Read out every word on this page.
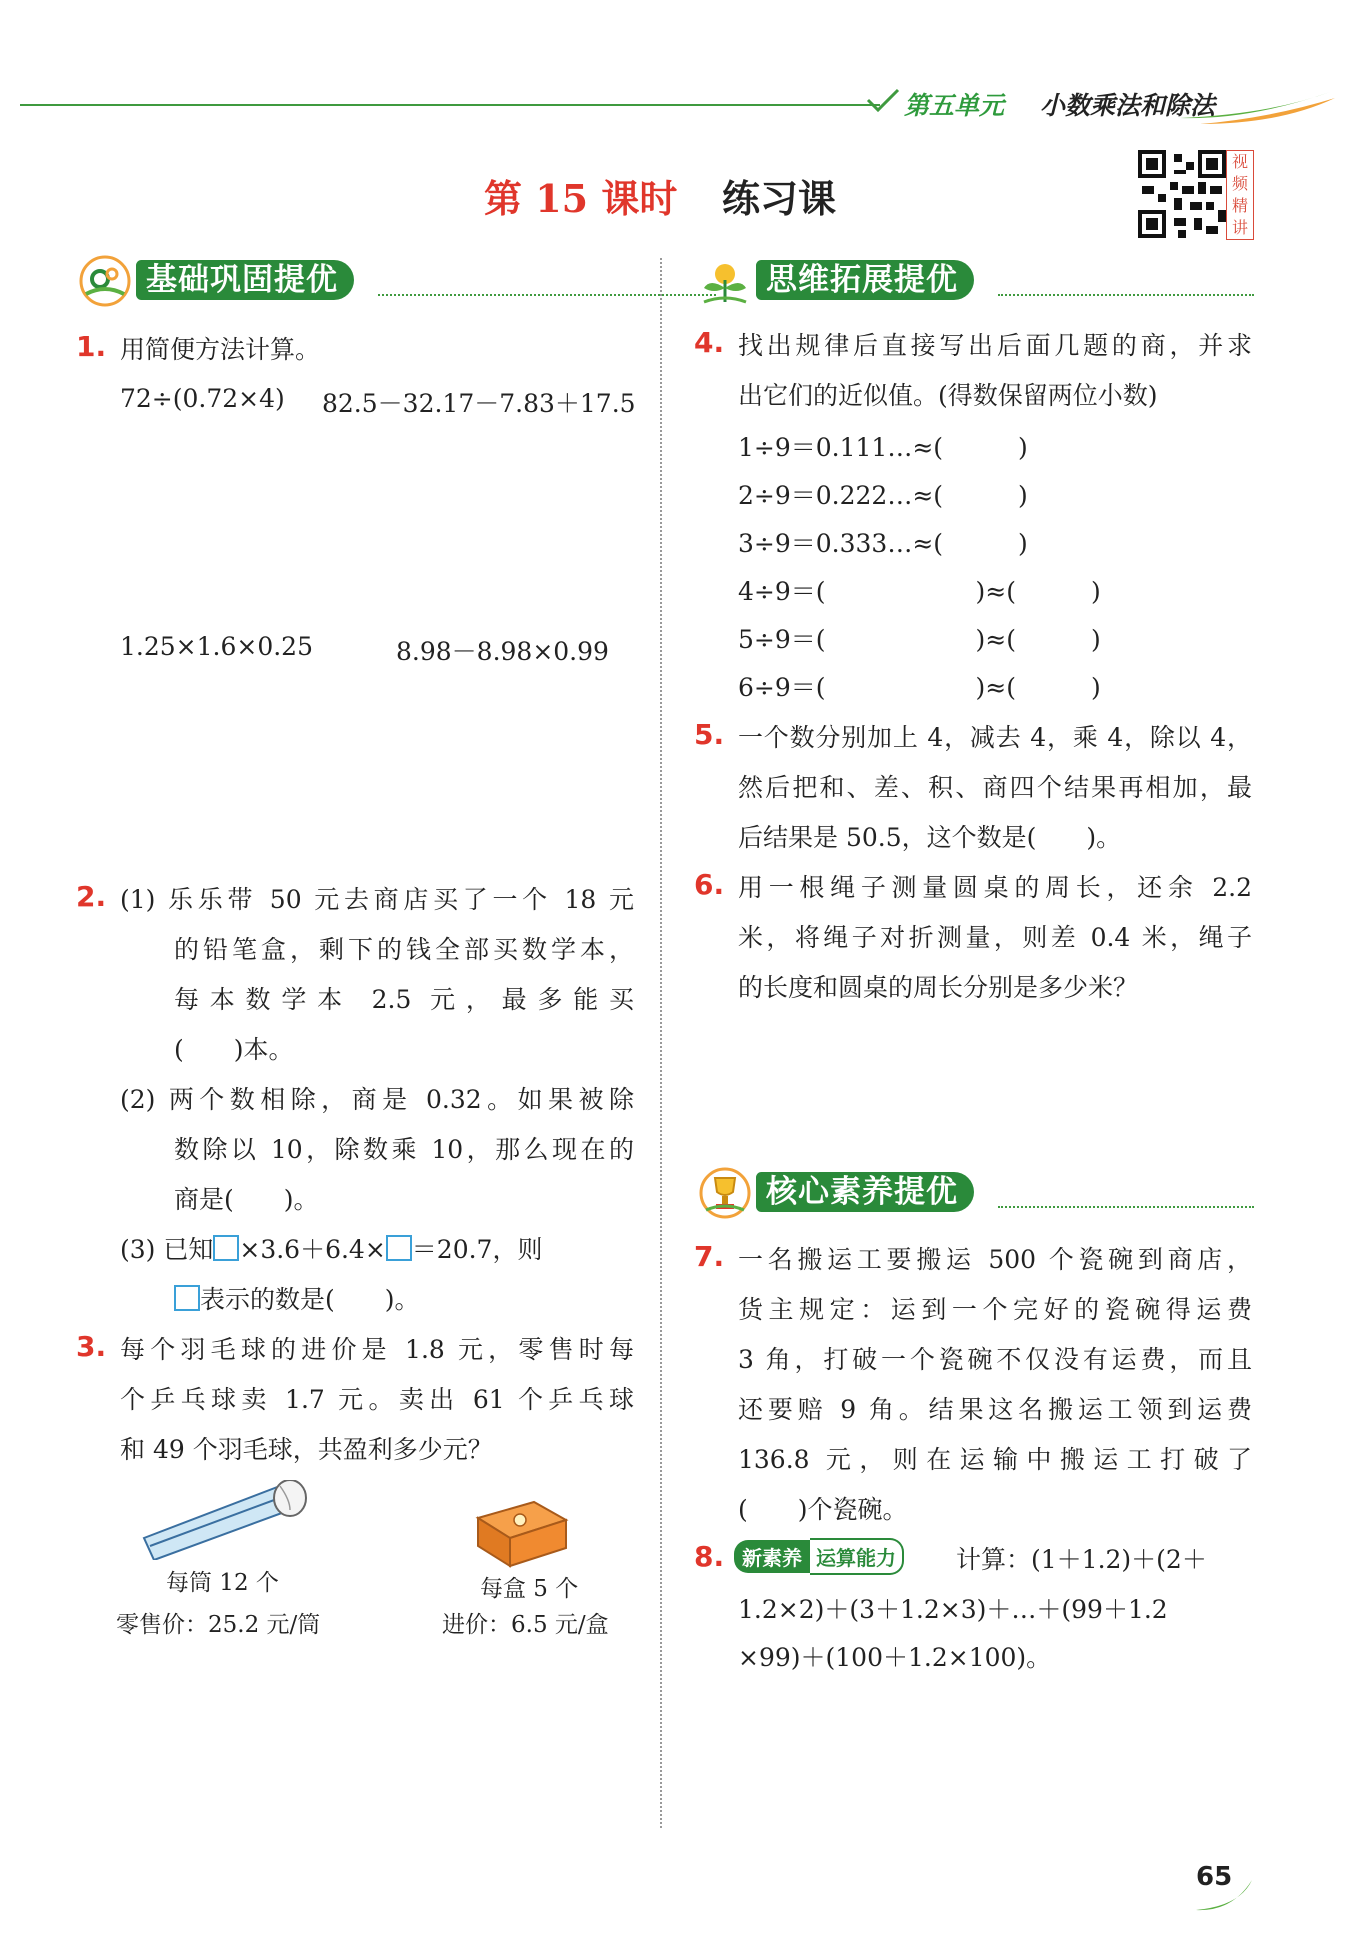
第五单元 小数乘法和除法
第 15 课时 练习课
视频精讲
基础巩固提优
1. 用简便方法计算。
72÷(0.72×4) 82.5－32.17－7.83＋17.5
1.25×1.6×0.25	8.98－8.98×0.99
2. (1) 乐乐带 50 元去商店买了一个 18 元
的铅笔盒，剩下的钱全部买数学本，
每本数学本 2.5 元，最多能买
(　　)本。
(2) 两个数相除，商是 0.32。如果被除
数除以 10，除数乘 10，那么现在的
商是(　　)。
(3) 已知 ×3.6＋6.4× ＝20.7，则
表示的数是(　　)。
3. 每个羽毛球的进价是 1.8 元，零售时每
个乒乓球卖 1.7 元。卖出 61 个乒乓球
和 49 个羽毛球，共盈利多少元？
每筒 12 个
零售价：25.2 元/筒
每盒 5 个
进价：6.5 元/盒
思维拓展提优
4. 找出规律后直接写出后面几题的商，并求
出它们的近似值。(得数保留两位小数)
1÷9＝0.111…≈(　　　)
2÷9＝0.222…≈(　　　)
3÷9＝0.333…≈(　　　)
4÷9＝(　　　　　　)≈(　　　)
5÷9＝(　　　　　　)≈(　　　)
6÷9＝(　　　　　　)≈(　　　)
5. 一个数分别加上 4，减去 4，乘 4，除以 4，
然后把和、差、积、商四个结果再相加，最
后结果是 50.5，这个数是(　　)。
6. 用一根绳子测量圆桌的周长，还余 2.2
米，将绳子对折测量，则差 0.4 米，绳子
的长度和圆桌的周长分别是多少米？
核心素养提优
7. 一名搬运工要搬运 500 个瓷碗到商店，
货主规定：运到一个完好的瓷碗得运费
3 角，打破一个瓷碗不仅没有运费，而且
还要赔 9 角。结果这名搬运工领到运费
136.8 元，则在运输中搬运工打破了
(　　)个瓷碗。
8. 新素养 运算能力	计算：(1＋1.2)＋(2＋
1.2×2)＋(3＋1.2×3)＋…＋(99＋1.2
×99)＋(100＋1.2×100)。
65
